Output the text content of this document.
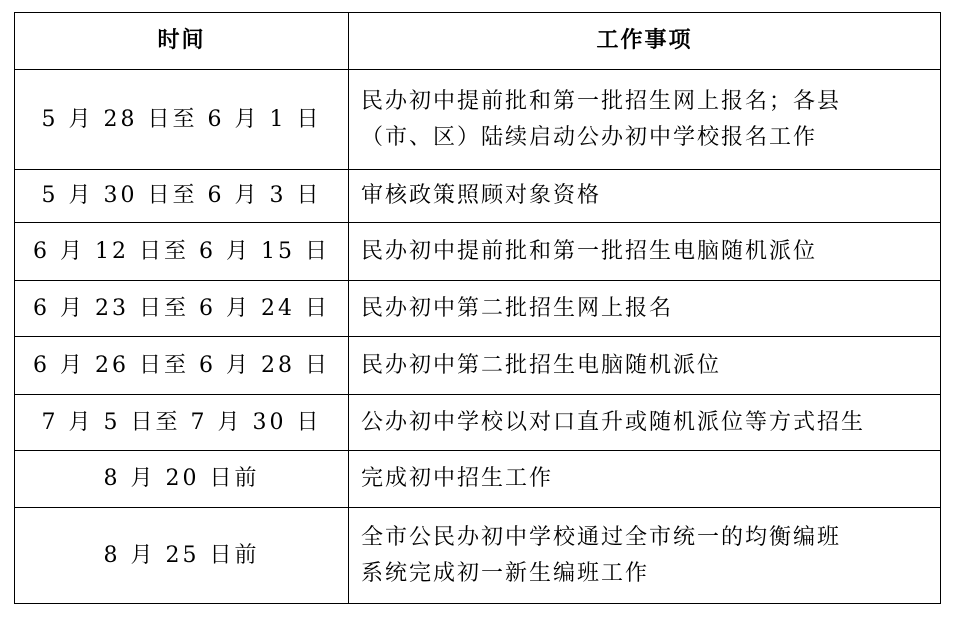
时间	工作事项
5 月 28 日至 6 月 1 日	民办初中提前批和第一批招生网上报名；各县
（市、区）陆续启动公办初中学校报名工作

5 月 30 日至 6 月 3 日	审核政策照顾对象资格

6 月 12 日至 6 月 15 日	民办初中提前批和第一批招生电脑随机派位

6 月 23 日至 6 月 24 日	民办初中第二批招生网上报名

6 月 26 日至 6 月 28 日	民办初中第二批招生电脑随机派位

7 月 5 日至 7 月 30 日	公办初中学校以对口直升或随机派位等方式招生

8 月 20 日前	完成初中招生工作

8 月 25 日前	全市公民办初中学校通过全市统一的均衡编班
系统完成初一新生编班工作
